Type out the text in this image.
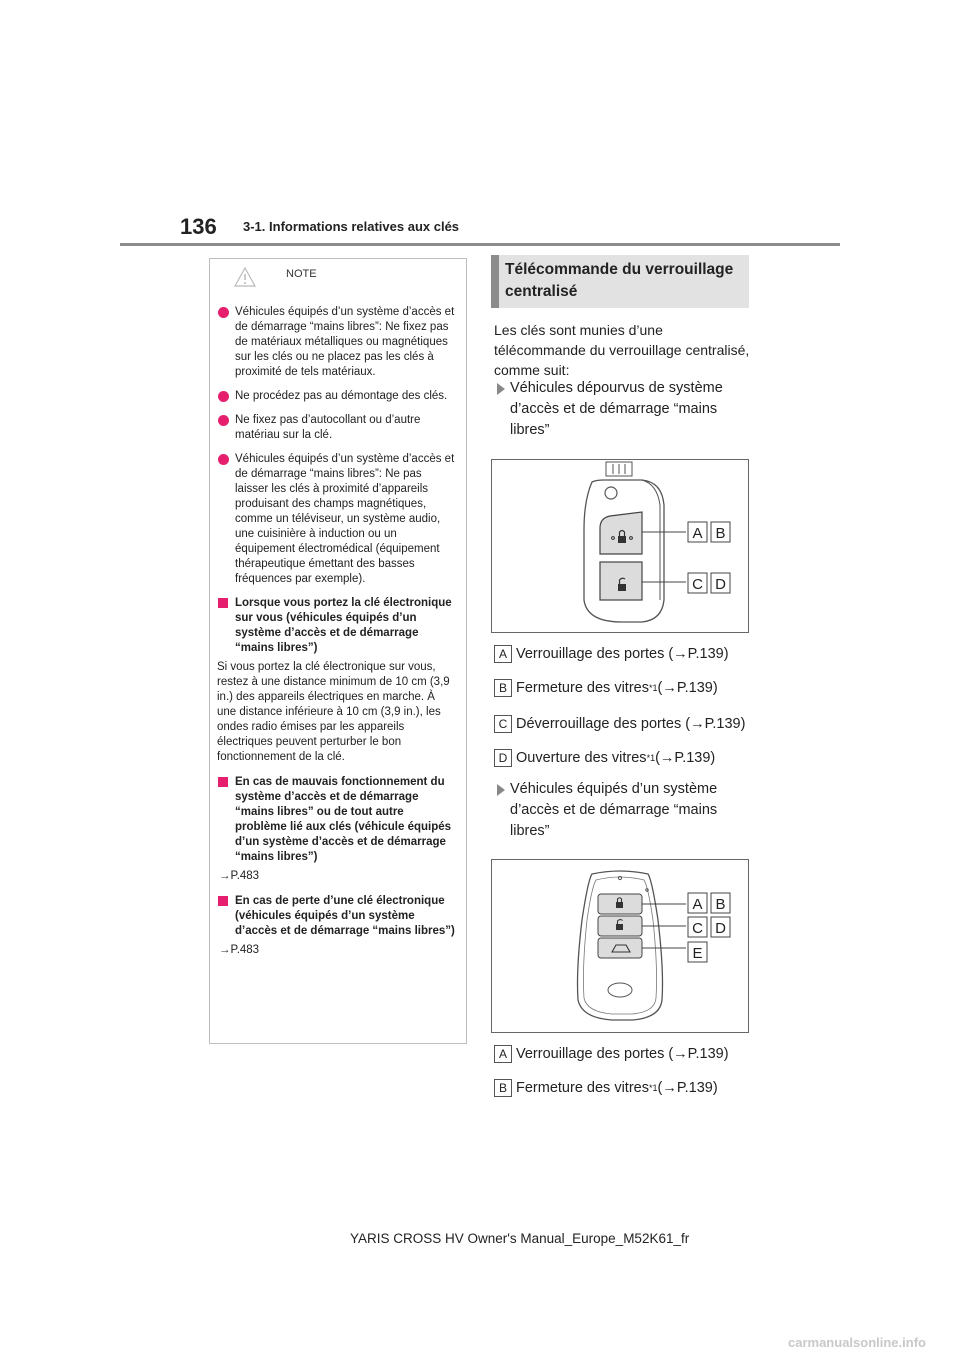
136 3-1. Informations relatives aux clés
NOTE
Véhicules équipés d’un système d’accès et de démarrage “mains libres”: Ne fixez pas de matériaux métalliques ou magnétiques sur les clés ou ne placez pas les clés à proximité de tels matériaux.
Ne procédez pas au démontage des clés.
Ne fixez pas d’autocollant ou d’autre matériau sur la clé.
Véhicules équipés d’un système d’accès et de démarrage “mains libres”: Ne pas laisser les clés à proximité d’appareils produisant des champs magnétiques, comme un téléviseur, un système audio, une cuisinière à induction ou un équipement électromédical (équipement thérapeutique émettant des basses fréquences par exemple).
Lorsque vous portez la clé électronique sur vous (véhicules équipés d’un système d’accès et de démarrage “mains libres”)
Si vous portez la clé électronique sur vous, restez à une distance minimum de 10 cm (3,9 in.) des appareils électriques en marche. À une distance inférieure à 10 cm (3,9 in.), les ondes radio émises par les appareils électriques peuvent perturber le bon fonctionnement de la clé.
En cas de mauvais fonctionnement du système d’accès et de démarrage “mains libres” ou de tout autre problème lié aux clés (véhicule équipés d’un système d’accès et de démarrage “mains libres”)
→P.483
En cas de perte d’une clé électronique (véhicules équipés d’un système d’accès et de démarrage “mains libres”)
→P.483
Télécommande du verrouillage centralisé
Les clés sont munies d’une télécommande du verrouillage centralisé, comme suit:
Véhicules dépourvus de système d’accès et de démarrage “mains libres”
A B
C D
A Verrouillage des portes (→P.139)
B Fermeture des vitres *1 (→P.139)
C Déverrouillage des portes (→P.139)
D Ouverture des vitres *1 (→P.139)
Véhicules équipés d’un système d’accès et de démarrage “mains libres”
A B
C D
E
A Verrouillage des portes (→P.139)
B Fermeture des vitres *1 (→P.139)
YARIS CROSS HV Owner's Manual_Europe_M52K61_fr
carmanualsonline.info
